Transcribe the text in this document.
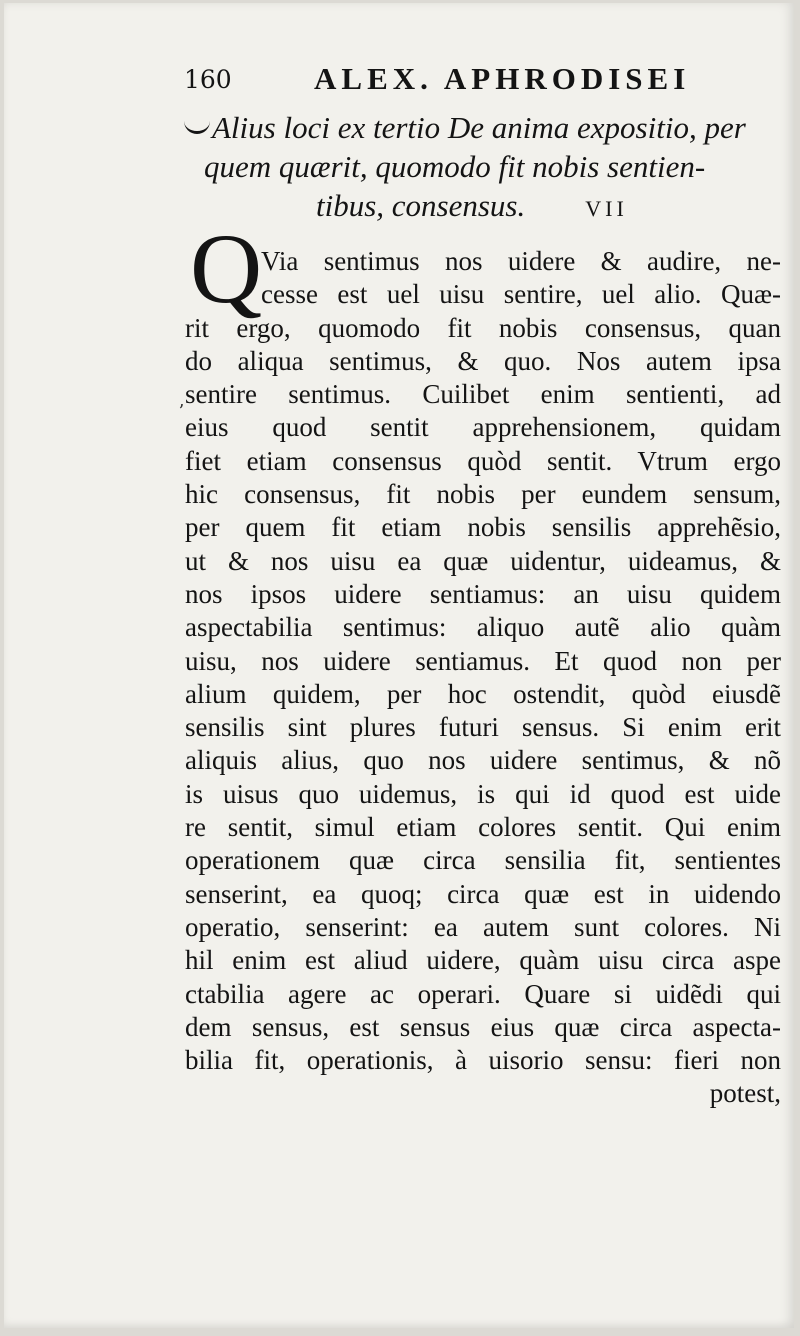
160	ALEX. APHRODISEI
Alius loci ex tertio De anima expositio, per
quem quærit, quomodo fit nobis sentien-
tibus, consensus.	VII
Q
ʼ
Via sentimus nos uidere & audire, ne-
cesse est uel uisu sentire, uel alio. Quæ-
rit ergo, quomodo fit nobis consensus, quan
do aliqua sentimus, & quo. Nos autem ipsa
sentire sentimus. Cuilibet enim sentienti, ad
eius quod sentit apprehensionem, quidam
fiet etiam consensus quòd sentit. Vtrum ergo
hic consensus, fit nobis per eundem sensum,
per quem fit etiam nobis sensilis apprehẽsio,
ut & nos uisu ea quæ uidentur, uideamus, &
nos ipsos uidere sentiamus: an uisu quidem
aspectabilia sentimus: aliquo autẽ alio quàm
uisu, nos uidere sentiamus. Et quod non per
alium quidem, per hoc ostendit, quòd eiusdẽ
sensilis sint plures futuri sensus. Si enim erit
aliquis alius, quo nos uidere sentimus, & nõ
is uisus quo uidemus, is qui id quod est uide
re sentit, simul etiam colores sentit. Qui enim
operationem quæ circa sensilia fit, sentientes
senserint, ea quoq; circa quæ est in uidendo
operatio, senserint: ea autem sunt colores. Ni
hil enim est aliud uidere, quàm uisu circa aspe
ctabilia agere ac operari. Quare si uidẽdi qui
dem sensus, est sensus eius quæ circa aspecta-
bilia fit, operationis, à uisorio sensu: fieri non
potest,
